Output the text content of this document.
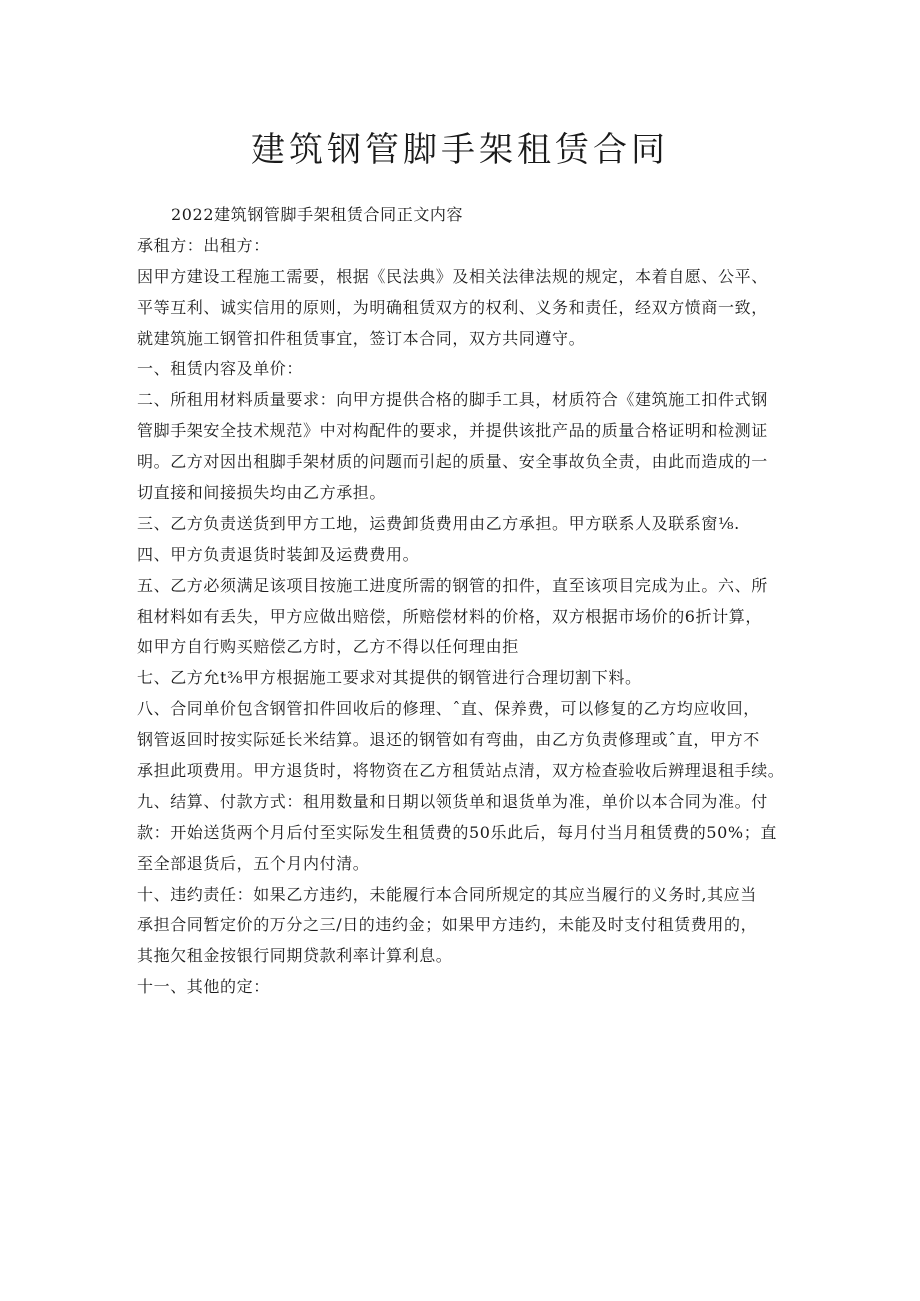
建筑钢管脚手架租赁合同
2022建筑钢管脚手架租赁合同正文内容
承租方：出租方：
因甲方建设工程施工需要，根据《民法典》及相关法律法规的规定，本着自愿、公平、
平等互利、诚实信用的原则，为明确租赁双方的权利、义务和责任，经双方愤商一致，
就建筑施工钢管扣件租赁事宜，签订本合同，双方共同遵守。
一、租赁内容及单价：
二、所租用材料质量要求：向甲方提供合格的脚手工具，材质符合《建筑施工扣件式钢
管脚手架安全技术规范》中对构配件的要求，并提供该批产品的质量合格证明和检测证
明。乙方对因出租脚手架材质的问题而引起的质量、安全事故负全责，由此而造成的一
切直接和间接损失均由乙方承担。
三、乙方负责送货到甲方工地，运费卸货费用由乙方承担。甲方联系人及联系窗⅛.
四、甲方负责退货时装卸及运费费用。
五、乙方必须满足该项目按施工进度所需的钢管的扣件，直至该项目完成为止。六、所
租材料如有丢失，甲方应做出赔偿，所赔偿材料的价格，双方根据市场价的6折计算，
如甲方自行购买赔偿乙方时，乙方不得以任何理由拒
七、乙方允t⅜甲方根据施工要求对其提供的钢管进行合理切割下料。
八、合同单价包含钢管扣件回收后的修理、ˆ直、保养费，可以修复的乙方均应收回，
钢管返回时按实际延长米结算。退还的钢管如有弯曲，由乙方负责修理或ˆ直，甲方不
承担此项费用。甲方退货时，将物资在乙方租赁站点清，双方检查验收后辨理退租手续。
九、结算、付款方式：租用数量和日期以领货单和退货单为准，单价以本合同为准。付
款：开始送货两个月后付至实际发生租赁费的50乐此后，每月付当月租赁费的50%；直
至全部退货后，五个月内付清。
十、违约责任：如果乙方违约，未能履行本合同所规定的其应当履行的义务时,其应当
承担合同暂定价的万分之三/日的违约金；如果甲方违约，未能及时支付租赁费用的，
其拖欠租金按银行同期贷款利率计算利息。
十一、其他的定：
